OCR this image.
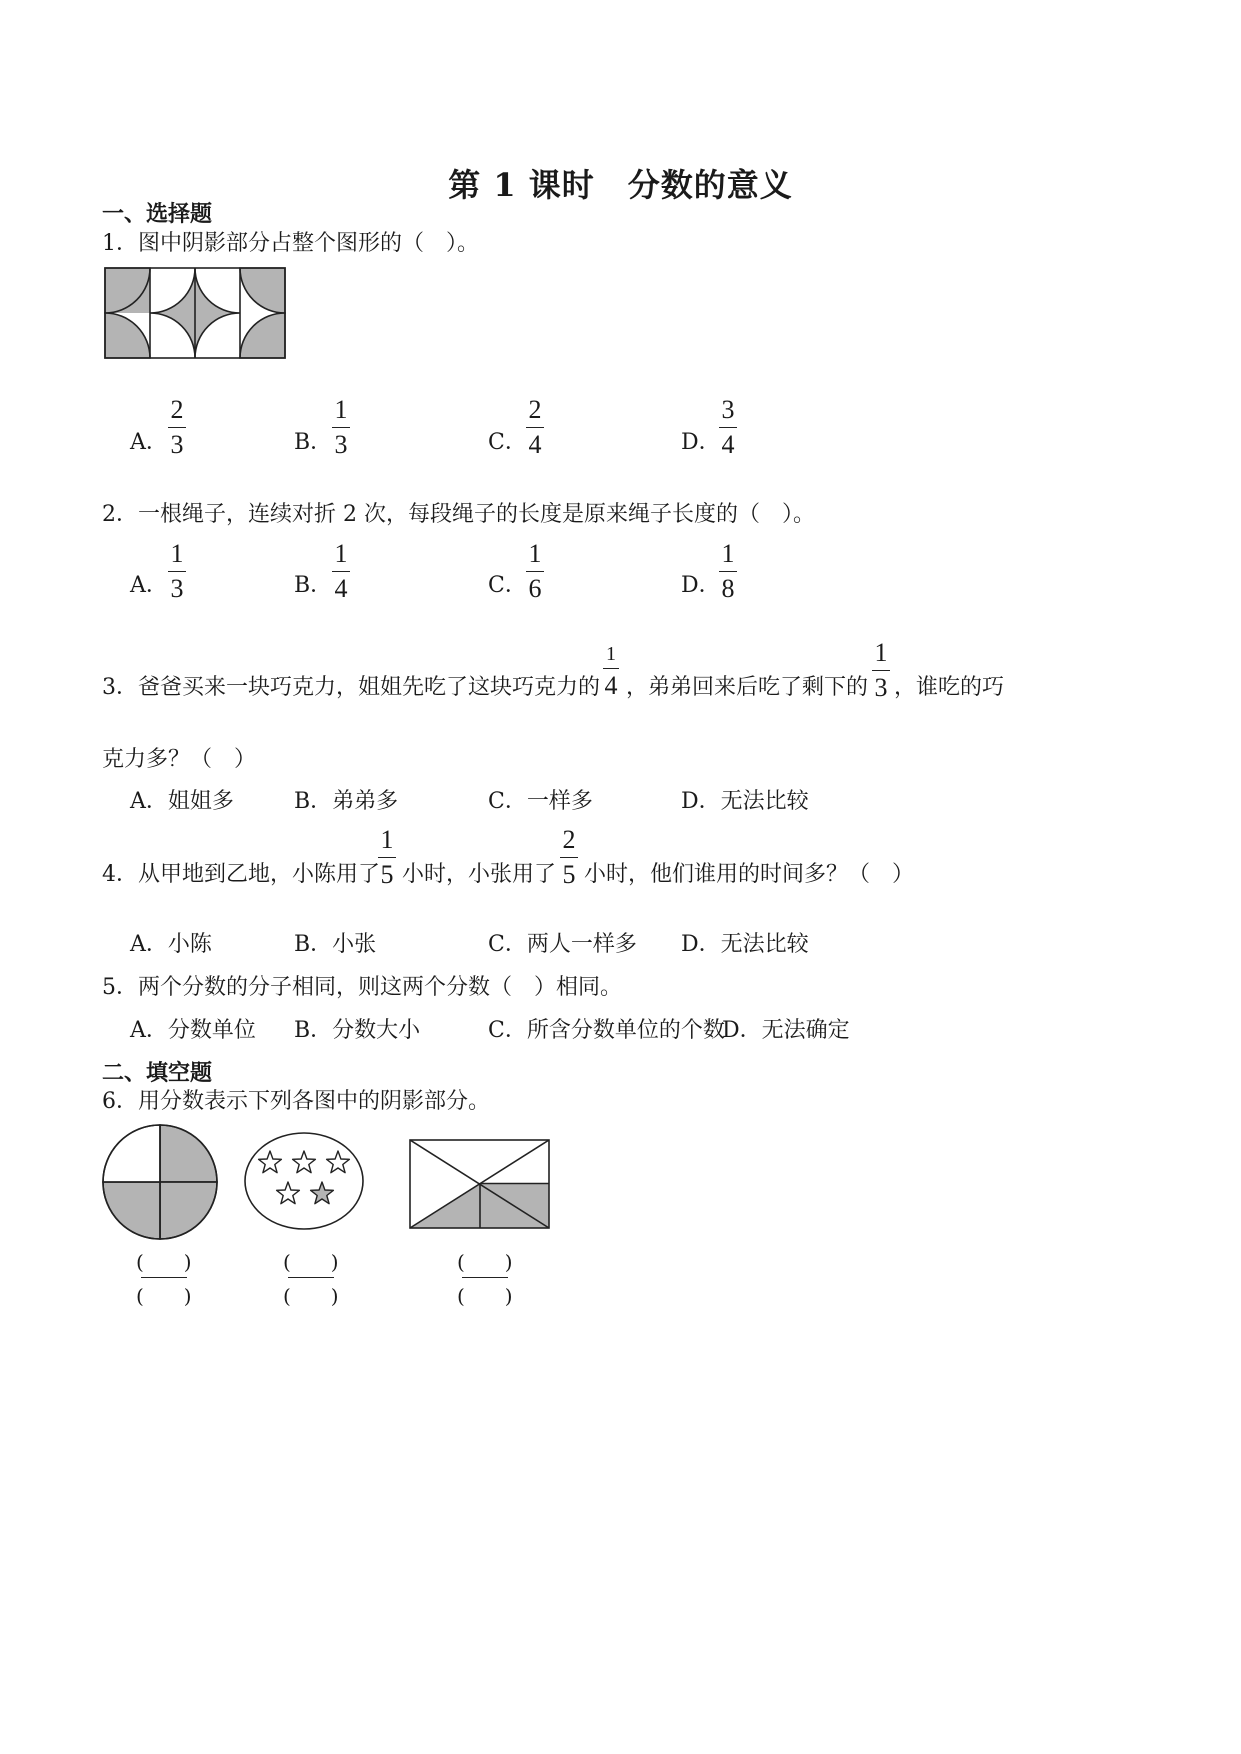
第 1 课时　分数的意义
一、选择题
1．图中阴影部分占整个图形的（　）。
A．
2
3	B．
1
3	C．
2
4	D．
3
4
2．一根绳子，连续对折 2 次，每段绳子的长度是原来绳子长度的（　）。
A．
1
3	B．
1
4	C．
1
6	D．
1
8
3．爸爸买来一块巧克力，姐姐先吃了这块巧克力的
1
4 ，弟弟回来后吃了剩下的
1
3 ，谁吃的巧
克力多？（　）
A．姐姐多	B．弟弟多	C．一样多	D．无法比较
4．从甲地到乙地，小陈用了
1
5 小时，小张用了
2
5 小时，他们谁用的时间多？（　）
A．小陈	B．小张	C．两人一样多 D．无法比较
5．两个分数的分子相同，则这两个分数（　）相同。
A．分数单位 B．分数大小	C．所含分数单位的个数
D．无法确定
二、填空题
6．用分数表示下列各图中的阴影部分。
(　　)
(　　)
(　　)
(　　)
(　　)
(　　)
